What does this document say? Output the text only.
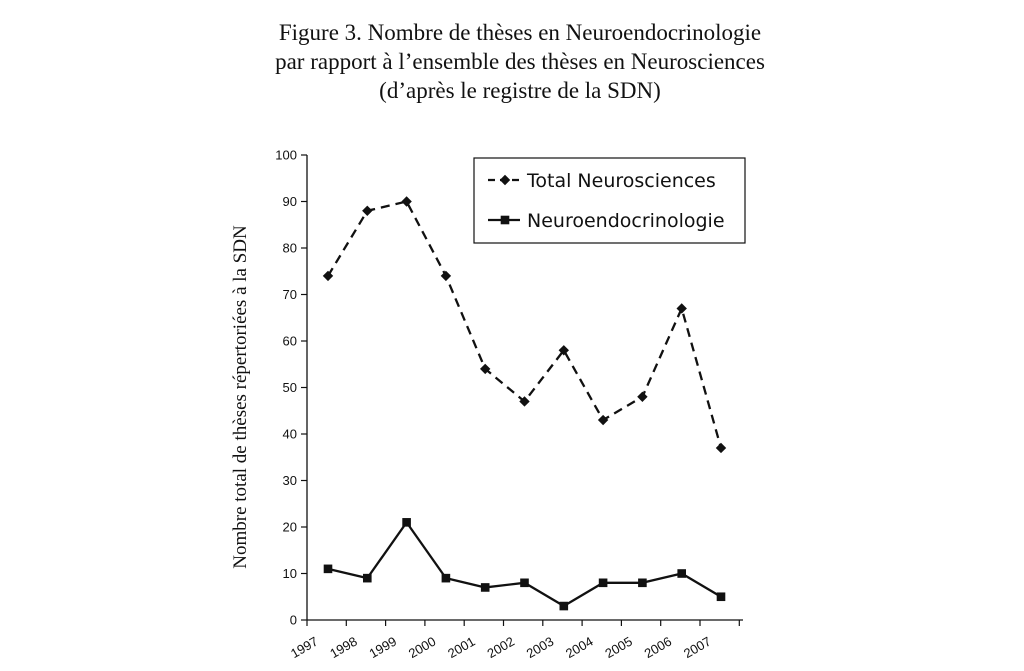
Figure 3. Nombre de thèses en Neuroendocrinologie
par rapport à l’ensemble des thèses en Neurosciences
(d’après le registre de la SDN)
0
10
20
30
40
50
60
70
80
90
100
1997 1998 1999 2000 2001 2002 2003 2004 2005 2006 2007
Nombre total de thèses répertoriées à la SDN
Total Neurosciences
Neuroendocrinologie
